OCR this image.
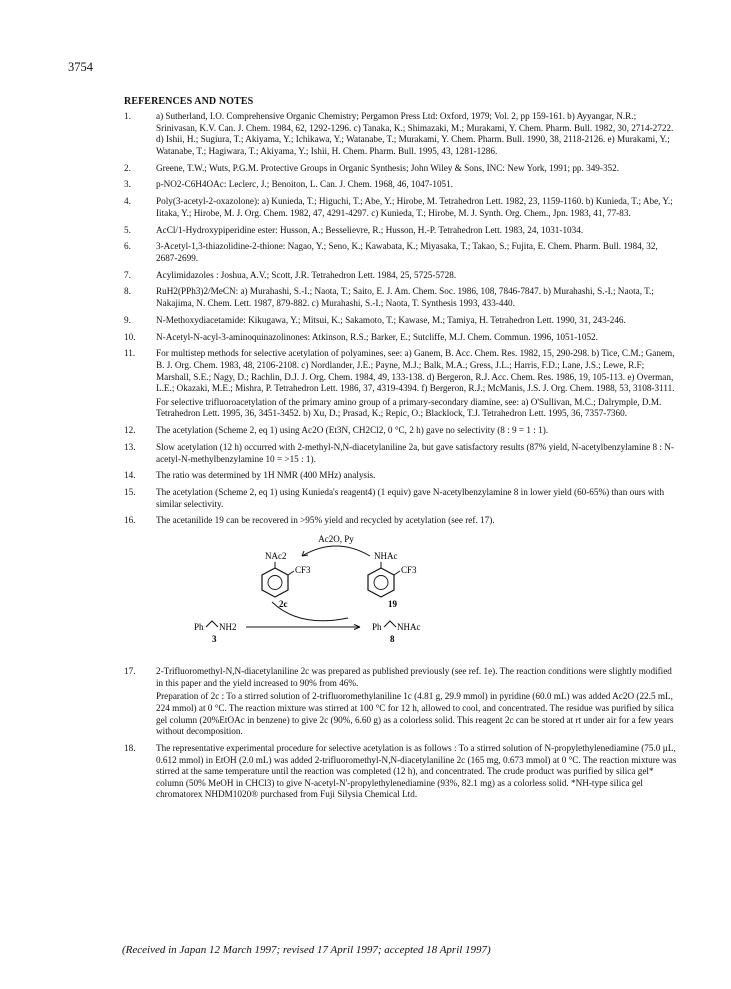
3754
REFERENCES AND NOTES
1.	a) Sutherland, I.O. Comprehensive Organic Chemistry; Pergamon Press Ltd: Oxford, 1979; Vol. 2, pp 159-161. b) Ayyangar, N.R.; Srinivasan, K.V. Can. J. Chem. 1984, 62, 1292-1296. c) Tanaka, K.; Shimazaki, M.; Murakami, Y. Chem. Pharm. Bull. 1982, 30, 2714-2722. d) Ishii, H.; Sugiura, T.; Akiyama, Y.; Ichikawa, Y.; Watanabe, T.; Murakami, Y. Chem. Pharm. Bull. 1990, 38, 2118-2126. e) Murakami, Y.; Watanabe, T.; Hagiwara, T.; Akiyama, Y.; Ishii, H. Chem. Pharm. Bull. 1995, 43, 1281-1286.

2.	Greene, T.W.; Wuts, P.G.M. Protective Groups in Organic Synthesis; John Wiley & Sons, INC: New York, 1991; pp. 349-352.

3.	p-NO2-C6H4OAc: Leclerc, J.; Benoiton, L. Can. J. Chem. 1968, 46, 1047-1051.

4.	Poly(3-acetyl-2-oxazolone): a) Kunieda, T.; Higuchi, T.; Abe, Y.; Hirobe, M. Tetrahedron Lett. 1982, 23, 1159-1160. b) Kunieda, T.; Abe, Y.; Iitaka, Y.; Hirobe, M. J. Org. Chem. 1982, 47, 4291-4297. c) Kunieda, T.; Hirobe, M. J. Synth. Org. Chem., Jpn. 1983, 41, 77-83.

5.	AcCl/1-Hydroxypiperidine ester: Husson, A.; Besselievre, R.; Husson, H.-P. Tetrahedron Lett. 1983, 24, 1031-1034.

6.	3-Acetyl-1,3-thiazolidine-2-thione: Nagao, Y.; Seno, K.; Kawabata, K.; Miyasaka, T.; Takao, S.; Fujita, E. Chem. Pharm. Bull. 1984, 32, 2687-2699.

7.	Acylimidazoles : Joshua, A.V.; Scott, J.R. Tetrahedron Lett. 1984, 25, 5725-5728.

8.	RuH2(PPh3)2/MeCN: a) Murahashi, S.-I.; Naota, T.; Saito, E. J. Am. Chem. Soc. 1986, 108, 7846-7847. b) Murahashi, S.-I.; Naota, T.; Nakajima, N. Chem. Lett. 1987, 879-882. c) Murahashi, S.-I.; Naota, T. Synthesis 1993, 433-440.

9.	N-Methoxydiacetamide: Kikugawa, Y.; Mitsui, K.; Sakamoto, T.; Kawase, M.; Tamiya, H. Tetrahedron Lett. 1990, 31, 243-246.

10.	N-Acetyl-N-acyl-3-aminoquinazolinones: Atkinson, R.S.; Barker, E.; Sutcliffe, M.J. Chem. Commun. 1996, 1051-1052.

11.	For multistep methods for selective acetylation of polyamines, see: a) Ganem, B. Acc. Chem. Res. 1982, 15, 290-298. b) Tice, C.M.; Ganem, B. J. Org. Chem. 1983, 48, 2106-2108. c) Nordlander, J.E.; Payne, M.J.; Balk, M.A.; Gress, J.L.; Harris, F.D.; Lane, J.S.; Lewe, R.F; Marshall, S.E.; Nagy, D.; Rachlin, D.J. J. Org. Chem. 1984, 49, 133-138. d) Bergeron, R.J. Acc. Chem. Res. 1986, 19, 105-113. e) Overman, L.E.; Okazaki, M.E.; Mishra, P. Tetrahedron Lett. 1986, 37, 4319-4394. f) Bergeron, R.J.; McManis, J.S. J. Org. Chem. 1988, 53, 3108-3111.

For selective trifluoroacetylation of the primary amino group of a primary-secondary diamine, see: a) O'Sullivan, M.C.; Dalrymple, D.M. Tetrahedron Lett. 1995, 36, 3451-3452. b) Xu, D.; Prasad, K.; Repic, O.; Blacklock, T.J. Tetrahedron Lett. 1995, 36, 7357-7360.

12.	The acetylation (Scheme 2, eq 1) using Ac2O (Et3N, CH2Cl2, 0 °C, 2 h) gave no selectivity (8 : 9 = 1 : 1).

13.	Slow acetylation (12 h) occurred with 2-methyl-N,N-diacetylaniline 2a, but gave satisfactory results (87% yield, N-acetylbenzylamine 8 : N-acetyl-N-methylbenzylamine 10 = >15 : 1).

14.	The ratio was determined by 1H NMR (400 MHz) analysis.

15.	The acetylation (Scheme 2, eq 1) using Kunieda's reagent4) (1 equiv) gave N-acetylbenzylamine 8 in lower yield (60-65%) than ours with similar selectivity.

16.	The acetanilide 19 can be recovered in >95% yield and recycled by acetylation (see ref. 17).

Ac2O, Py
NAc2
CF3
2c
NHAc
CF3
19
Ph NH2
3
Ph NHAc
8
17.	2-Trifluoromethyl-N,N-diacetylaniline 2c was prepared as published previously (see ref. 1e). The reaction conditions were slightly modified in this paper and the yield increased to 90% from 46%.

Preparation of 2c : To a stirred solution of 2-trifluoromethylaniline 1c (4.81 g, 29.9 mmol) in pyridine (60.0 mL) was added Ac2O (22.5 mL, 224 mmol) at 0 °C. The reaction mixture was stirred at 100 °C for 12 h, allowed to cool, and concentrated. The residue was purified by silica gel column (20%EtOAc in benzene) to give 2c (90%, 6.60 g) as a colorless solid. This reagent 2c can be stored at rt under air for a few years without decomposition.

18.	The representative experimental procedure for selective acetylation is as follows : To a stirred solution of N-propylethylenediamine (75.0 µL, 0.612 mmol) in EtOH (2.0 mL) was added 2-trifluoromethyl-N,N-diacetylaniline 2c (165 mg, 0.673 mmol) at 0 °C. The reaction mixture was stirred at the same temperature until the reaction was completed (12 h), and concentrated. The crude product was purified by silica gel* column (50% MeOH in CHCl3) to give N-acetyl-N'-propylethylenediamine (93%, 82.1 mg) as a colorless solid. *NH-type silica gel chromatorex NHDM1020® purchased from Fuji Silysia Chemical Ltd.

(Received in Japan 12 March 1997; revised 17 April 1997; accepted 18 April 1997)
